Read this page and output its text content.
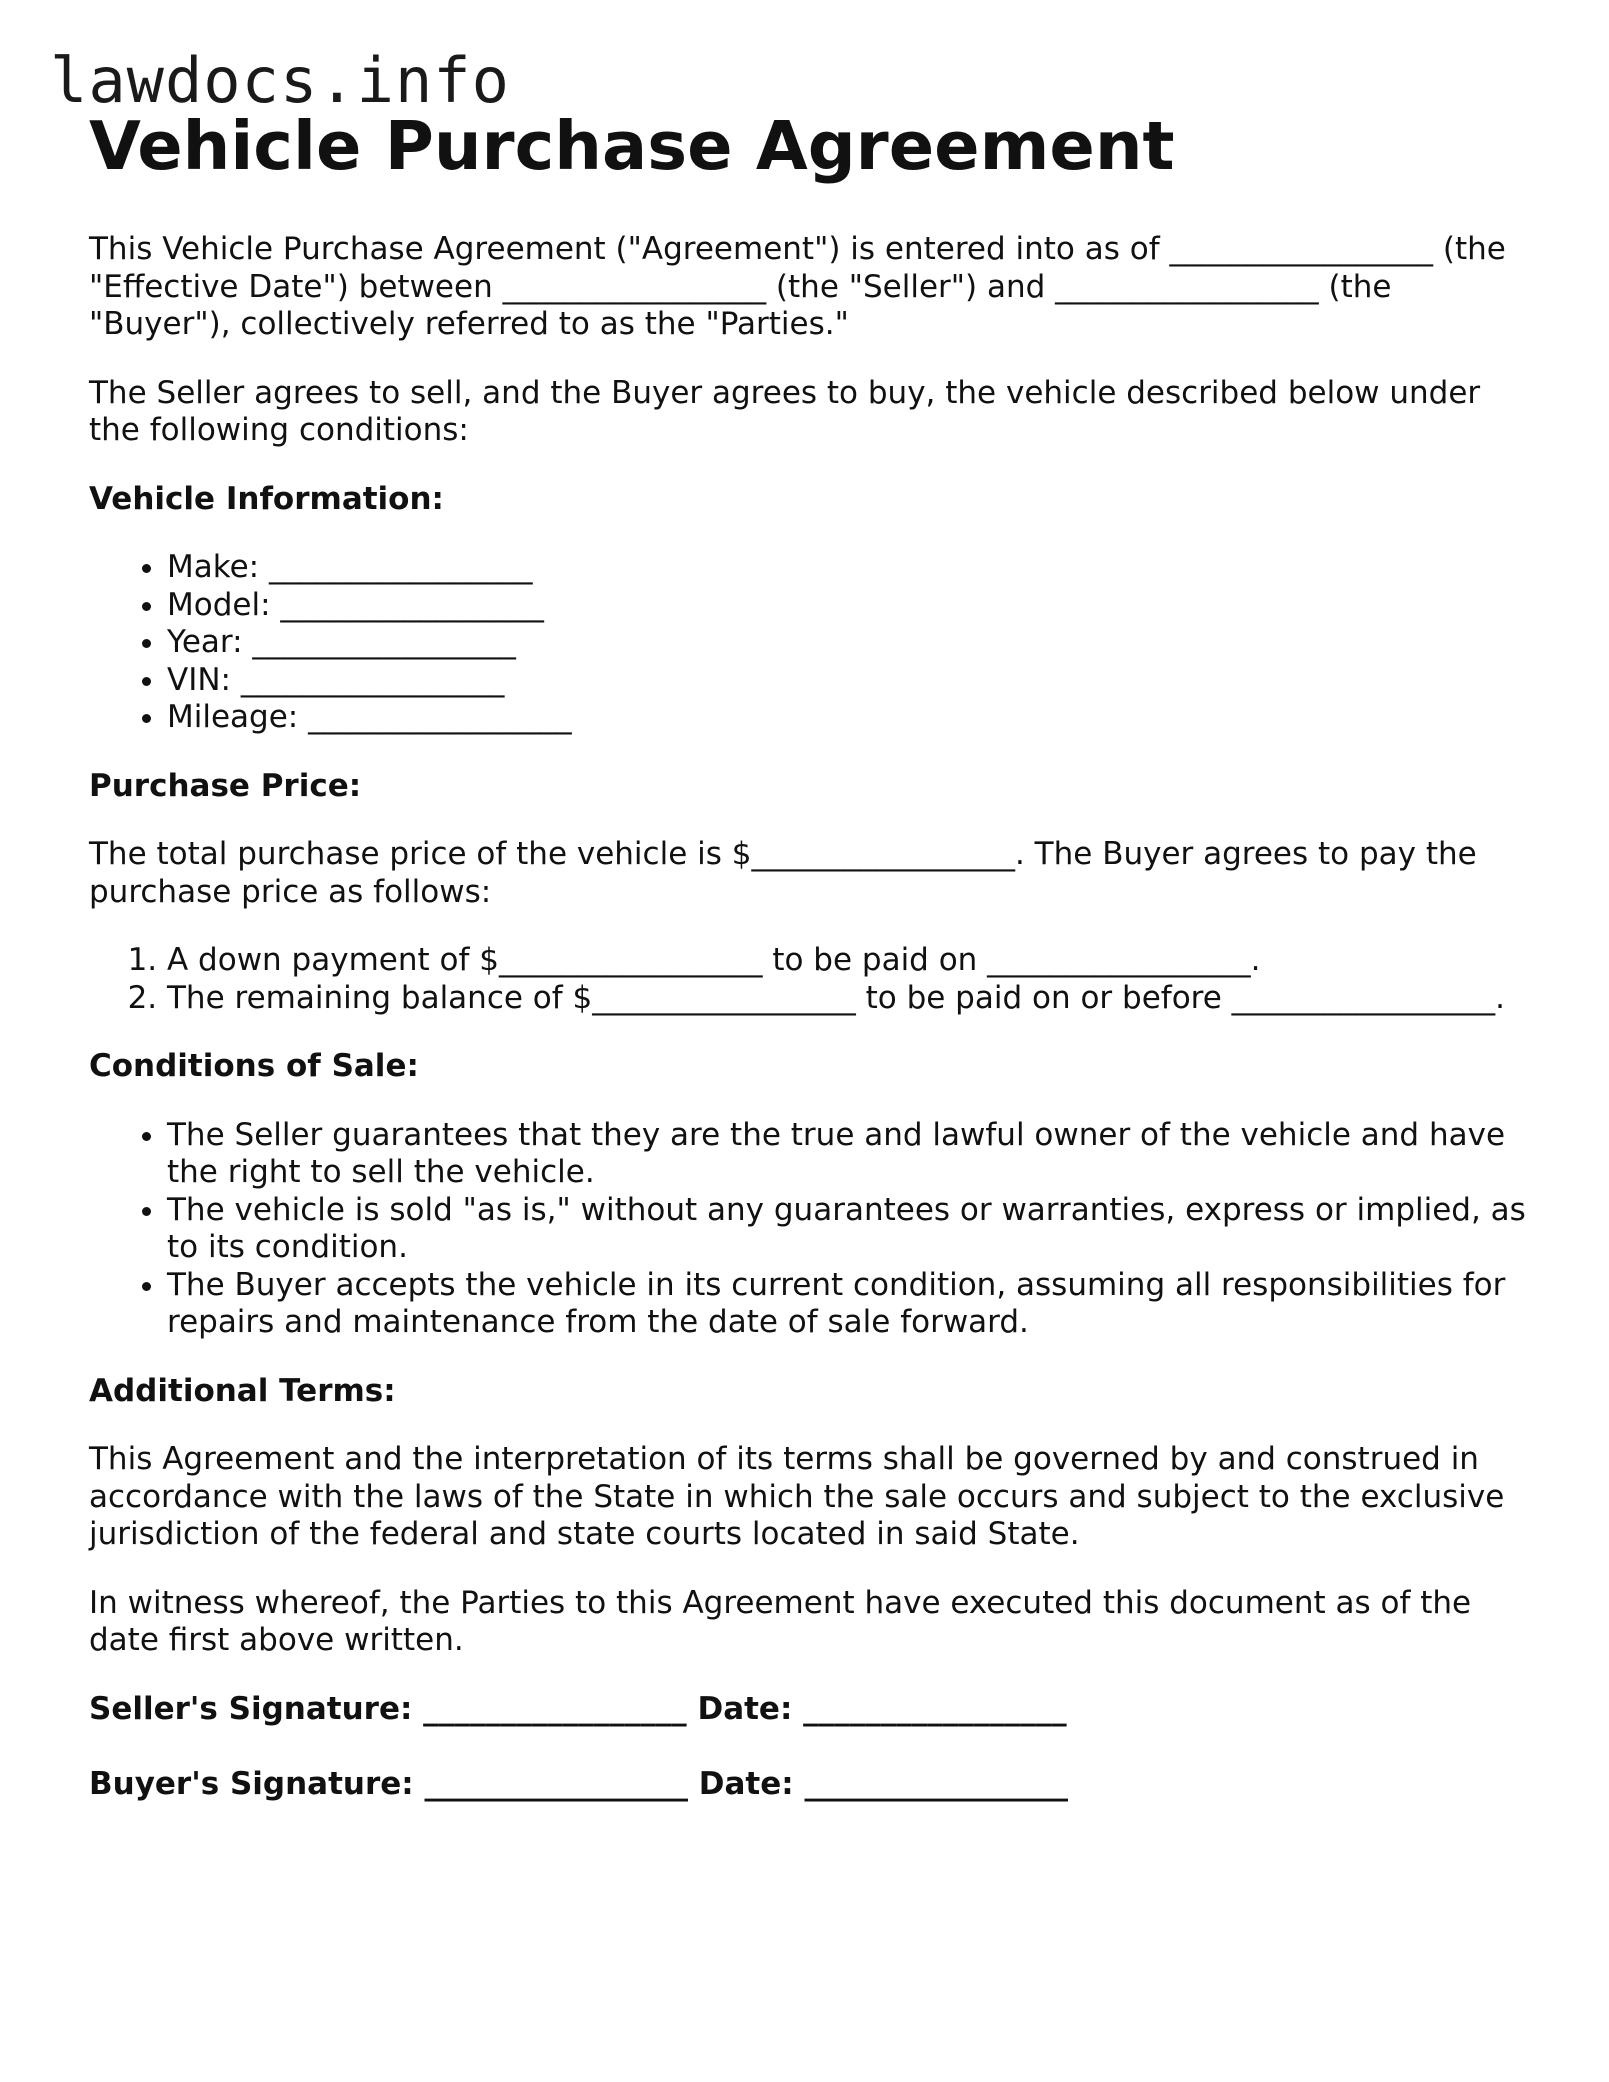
lawdocs.info
Vehicle Purchase Agreement

This Vehicle Purchase Agreement ("Agreement") is entered into as of _________________ (the "Effective Date") between _________________ (the "Seller") and _________________ (the "Buyer"), collectively referred to as the "Parties."

The Seller agrees to sell, and the Buyer agrees to buy, the vehicle described below under the following conditions:

Vehicle Information:

• Make: _________________
• Model: _________________
• Year: _________________
• VIN: _________________
• Mileage: _________________

Purchase Price:

The total purchase price of the vehicle is $_________________. The Buyer agrees to pay the purchase price as follows:

1. A down payment of $_________________ to be paid on _________________.
2. The remaining balance of $_________________ to be paid on or before _________________.

Conditions of Sale:

• The Seller guarantees that they are the true and lawful owner of the vehicle and have the right to sell the vehicle.
• The vehicle is sold "as is," without any guarantees or warranties, express or implied, as to its condition.
• The Buyer accepts the vehicle in its current condition, assuming all responsibilities for repairs and maintenance from the date of sale forward.

Additional Terms:

This Agreement and the interpretation of its terms shall be governed by and construed in accordance with the laws of the State in which the sale occurs and subject to the exclusive jurisdiction of the federal and state courts located in said State.

In witness whereof, the Parties to this Agreement have executed this document as of the date first above written.

Seller's Signature: _________________ Date: _________________

Buyer's Signature: _________________ Date: _________________
